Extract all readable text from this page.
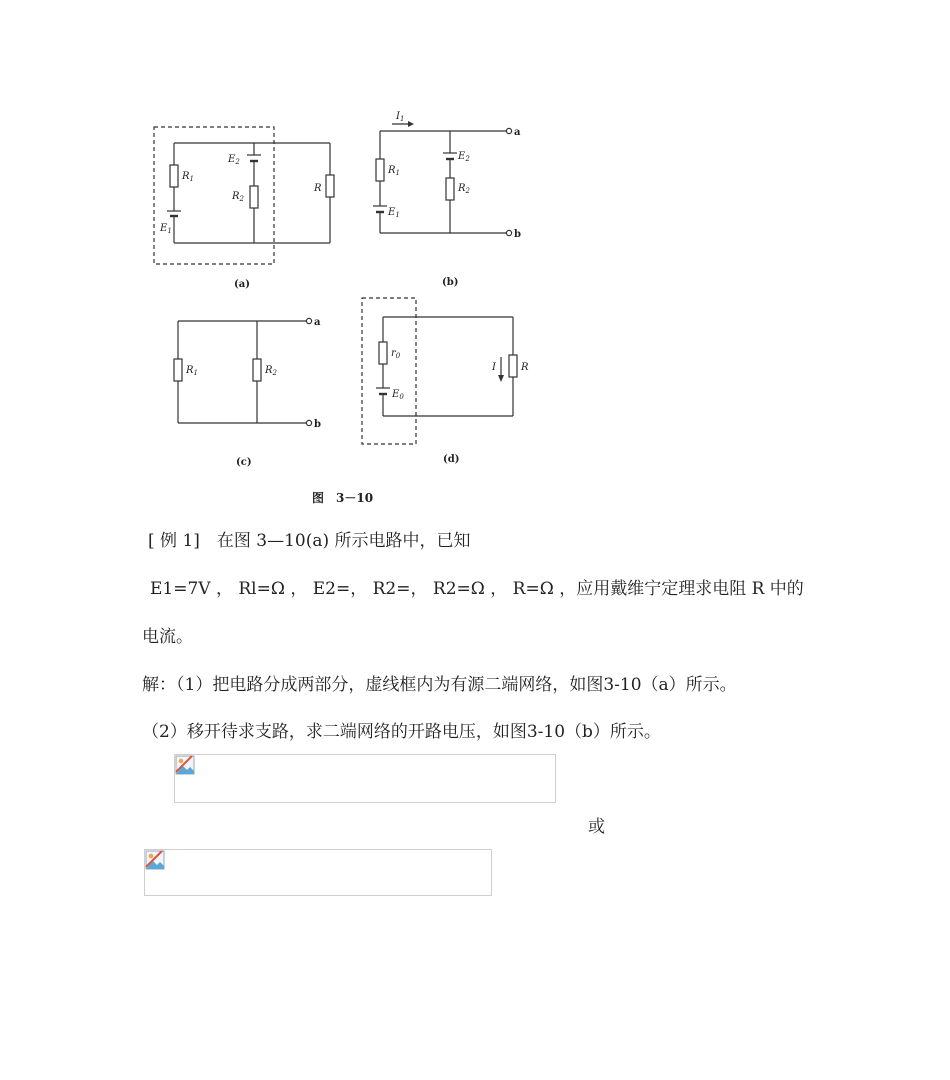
$R_1$
$E_1$
$E_2$
$R_2$
R
(a)
$I_1$
$R_1$
$E_1$
$E_2$
$R_2$
a
b
(b)
$R_1$	$R_2$
a
b
(c)
$r_0$
$E_0$
I	R
(d)
图　3－10
[ 例 1]　在图 3—10(a) 所示电路中，已知
E1=7V ， Rl=Ω ， E2=， R2=， R2=Ω ， R=Ω ，应用戴维宁定理求电阻 R 中的
电流。
解：（1）把电路分成两部分，虚线框内为有源二端网络，如图3-10（a）所示。
（2）移开待求支路，求二端网络的开路电压，如图3-10（b）所示。
或
